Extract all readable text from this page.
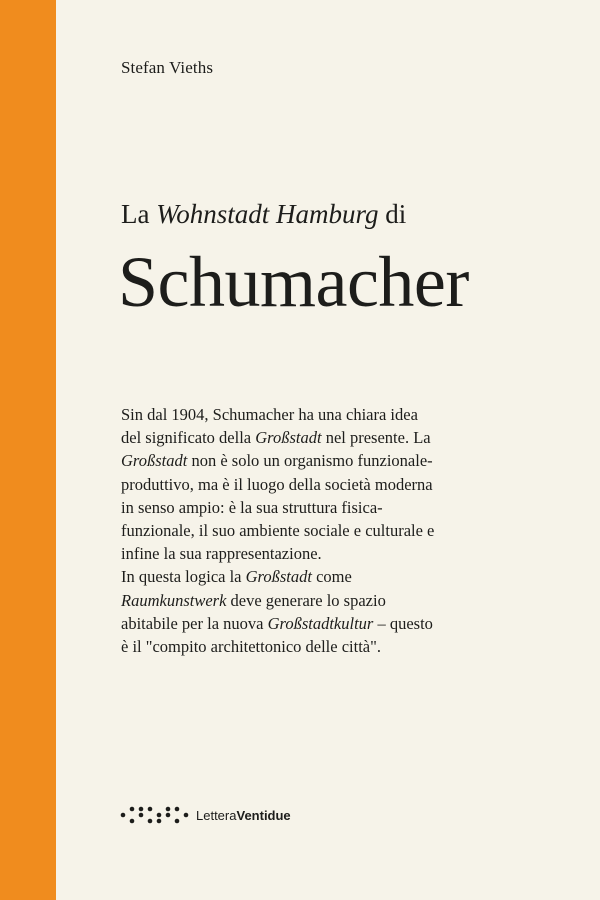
Stefan Vieths
La Wohnstadt Hamburg di
Schumacher
Sin dal 1904, Schumacher ha una chiara idea
del significato della Großstadt nel presente. La
Großstadt non è solo un organismo funzionale-
produttivo, ma è il luogo della società moderna
in senso ampio: è la sua struttura fisica-
funzionale, il suo ambiente sociale e culturale e
infine la sua rappresentazione.
In questa logica la Großstadt come
Raumkunstwerk deve generare lo spazio
abitabile per la nuova Großstadtkultur – questo
è il "compito architettonico delle città".
LetteraVentidue
